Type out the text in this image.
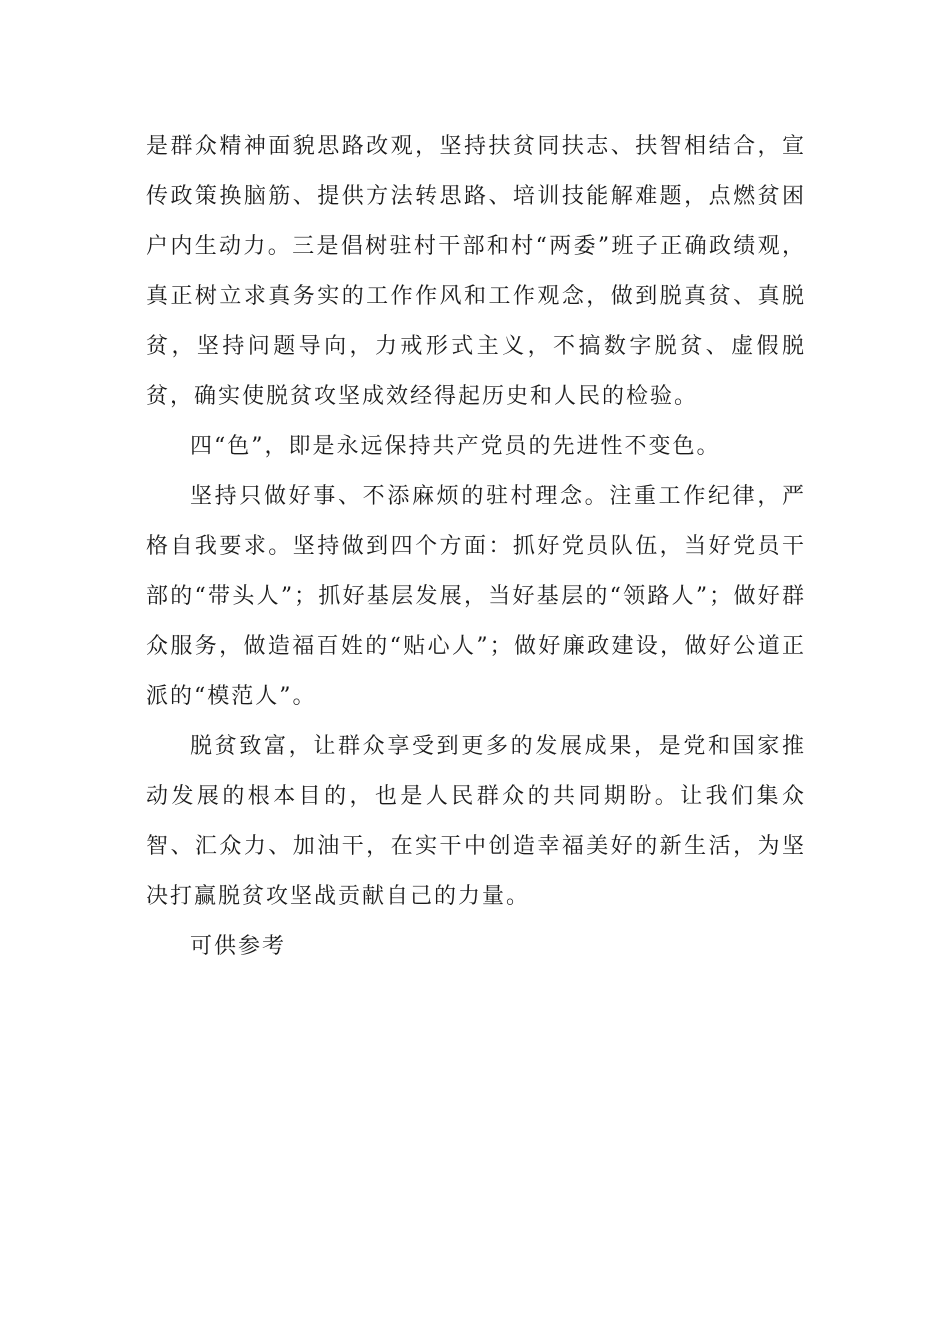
是群众精神面貌思路改观，坚持扶贫同扶志、扶智相结合，宣传政策换脑筋、提供方法转思路、培训技能解难题，点燃贫困户内生动力。三是倡树驻村干部和村“两委”班子正确政绩观，真正树立求真务实的工作作风和工作观念，做到脱真贫、真脱贫，坚持问题导向，力戒形式主义，不搞数字脱贫、虚假脱贫，确实使脱贫攻坚成效经得起历史和人民的检验。

四“色”，即是永远保持共产党员的先进性不变色。

坚持只做好事、不添麻烦的驻村理念。注重工作纪律，严格自我要求。坚持做到四个方面：抓好党员队伍，当好党员干部的“带头人”；抓好基层发展，当好基层的“领路人”；做好群众服务，做造福百姓的“贴心人”；做好廉政建设，做好公道正派的“模范人”。

脱贫致富，让群众享受到更多的发展成果，是党和国家推动发展的根本目的，也是人民群众的共同期盼。让我们集众智、汇众力、加油干，在实干中创造幸福美好的新生活，为坚决打赢脱贫攻坚战贡献自己的力量。

可供参考
